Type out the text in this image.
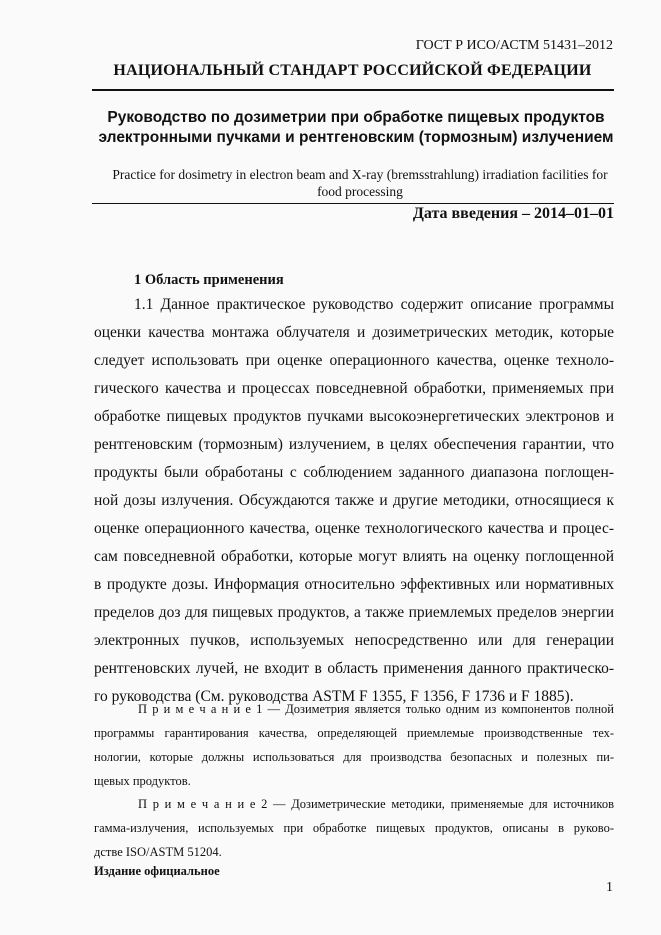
ГОСТ Р ИСО/АСТМ 51431–2012
НАЦИОНАЛЬНЫЙ СТАНДАРТ РОССИЙСКОЙ ФЕДЕРАЦИИ
Руководство по дозиметрии при обработке пищевых продуктов
электронными пучками и рентгеновским (тормозным) излучением
Practice for dosimetry in electron beam and X-ray (bremsstrahlung) irradiation facilities for
food processing
Дата введения – 2014–01–01
1 Область применения
1.1 Данное практическое руководство содержит описание программы
оценки качества монтажа облучателя и дозиметрических методик, которые
следует использовать при оценке операционного качества, оценке техноло-
гического качества и процессах повседневной обработки, применяемых при
обработке пищевых продуктов пучками высокоэнергетических электронов и
рентгеновским (тормозным) излучением, в целях обеспечения гарантии, что
продукты были обработаны с соблюдением заданного диапазона поглощен-
ной дозы излучения. Обсуждаются также и другие методики, относящиеся к
оценке операционного качества, оценке технологического качества и процес-
сам повседневной обработки, которые могут влиять на оценку поглощенной
в продукте дозы. Информация относительно эффективных или нормативных
пределов доз для пищевых продуктов, а также приемлемых пределов энергии
электронных пучков, используемых непосредственно или для генерации
рентгеновских лучей, не входит в область применения данного практическо-
го руководства (См. руководства ASTM F 1355, F 1356, F 1736 и F 1885).
П р и м е ч а н и е 1 — Дозиметрия является только одним из компонентов полной
программы гарантирования качества, определяющей приемлемые производственные тех-
нологии, которые должны использоваться для производства безопасных и полезных пи-
щевых продуктов.
П р и м е ч а н и е 2 — Дозиметрические методики, применяемые для источников
гамма-излучения, используемых при обработке пищевых продуктов, описаны в руково-
дстве ISO/ASTM 51204.
Издание официальное
1
